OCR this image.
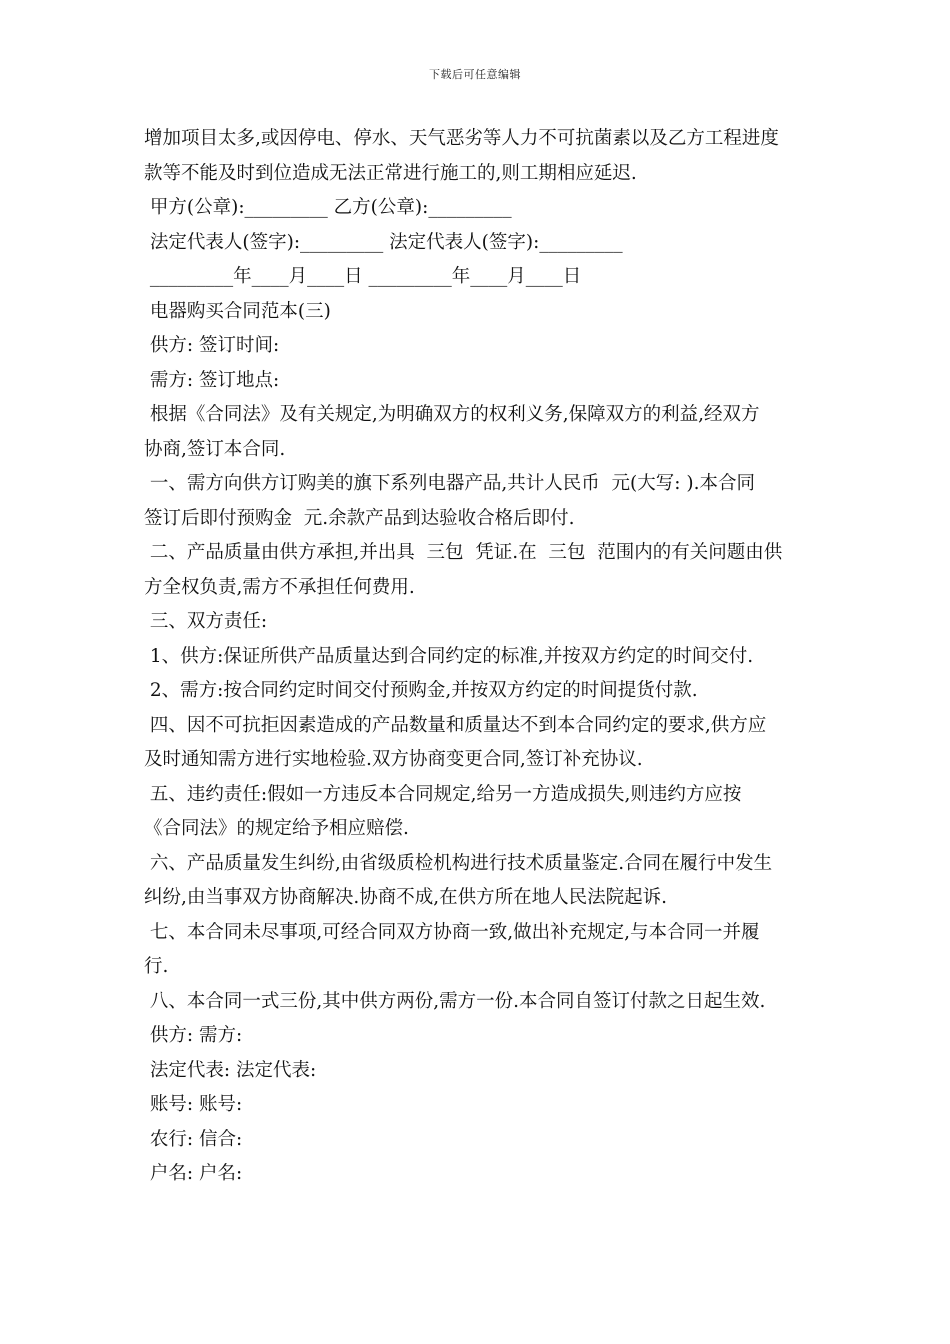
下载后可任意编辑
增加项目太多,或因停电、停水、天气恶劣等人力不可抗菌素以及乙方工程进度
款等不能及时到位造成无法正常进行施工的,则工期相应延迟.
甲方(公章):_________ 乙方(公章):_________
法定代表人(签字):_________ 法定代表人(签字):_________
_________年____月____日 _________年____月____日
电器购买合同范本(三)
供方: 签订时间:
需方: 签订地点:
根据《合同法》及有关规定,为明确双方的权利义务,保障双方的利益,经双方
协商,签订本合同.
一、需方向供方订购美的旗下系列电器产品,共计人民币  元(大写: ).本合同
签订后即付预购金  元.余款产品到达验收合格后即付.
二、产品质量由供方承担,并出具  三包  凭证.在  三包  范围内的有关问题由供
方全权负责,需方不承担任何费用.
三、双方责任:
1、供方:保证所供产品质量达到合同约定的标准,并按双方约定的时间交付.
2、需方:按合同约定时间交付预购金,并按双方约定的时间提货付款.
四、因不可抗拒因素造成的产品数量和质量达不到本合同约定的要求,供方应
及时通知需方进行实地检验.双方协商变更合同,签订补充协议.
五、违约责任:假如一方违反本合同规定,给另一方造成损失,则违约方应按
《合同法》的规定给予相应赔偿.
六、产品质量发生纠纷,由省级质检机构进行技术质量鉴定.合同在履行中发生
纠纷,由当事双方协商解决.协商不成,在供方所在地人民法院起诉.
七、本合同未尽事项,可经合同双方协商一致,做出补充规定,与本合同一并履
行.
八、本合同一式三份,其中供方两份,需方一份.本合同自签订付款之日起生效.
供方: 需方:
法定代表: 法定代表:
账号: 账号:
农行: 信合:
户名: 户名:
